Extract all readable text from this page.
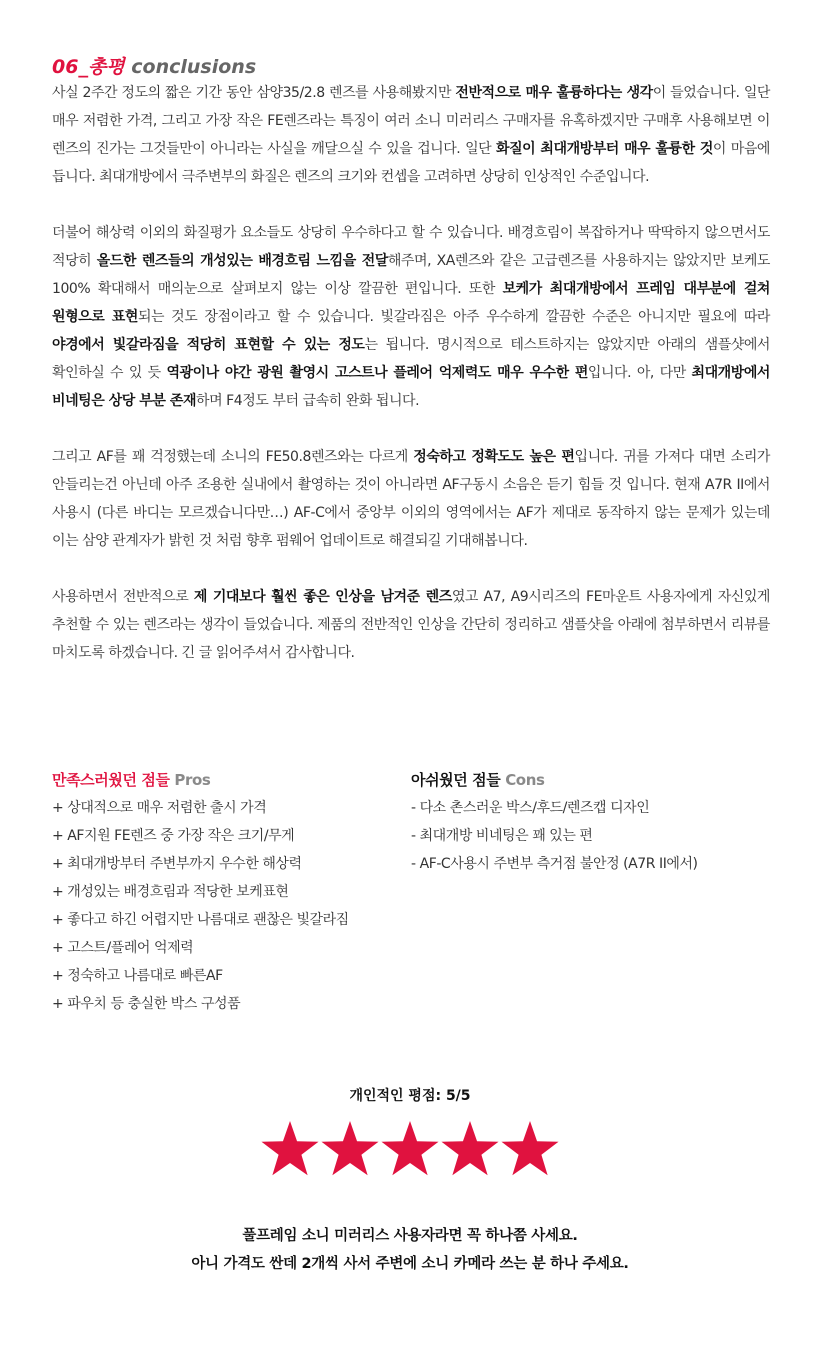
06_총평 conclusions

사실 2주간 정도의 짧은 기간 동안 삼양35/2.8 렌즈를 사용해봤지만 전반적으로 매우 훌륭하다는 생각이 들었습니다. 일단 매우 저렴한 가격, 그리고 가장 작은 FE렌즈라는 특징이 여러 소니 미러리스 구매자를 유혹하겠지만 구매후 사용해보면 이 렌즈의 진가는 그것들만이 아니라는 사실을 깨달으실 수 있을 겁니다. 일단 화질이 최대개방부터 매우 훌륭한 것이 마음에 듭니다. 최대개방에서 극주변부의 화질은 렌즈의 크기와 컨셉을 고려하면 상당히 인상적인 수준입니다.

더불어 해상력 이외의 화질평가 요소들도 상당히 우수하다고 할 수 있습니다. 배경흐림이 복잡하거나 딱딱하지 않으면서도 적당히 올드한 렌즈들의 개성있는 배경흐림 느낌을 전달해주며, XA렌즈와 같은 고급렌즈를 사용하지는 않았지만 보케도 100% 확대해서 매의눈으로 살펴보지 않는 이상 깔끔한 편입니다. 또한 보케가 최대개방에서 프레임 대부분에 걸쳐 원형으로 표현되는 것도 장점이라고 할 수 있습니다. 빛갈라짐은 아주 우수하게 깔끔한 수준은 아니지만 필요에 따라 야경에서 빛갈라짐을 적당히 표현할 수 있는 정도는 됩니다. 명시적으로 테스트하지는 않았지만 아래의 샘플샷에서 확인하실 수 있 듯 역광이나 야간 광원 촬영시 고스트나 플레어 억제력도 매우 우수한 편입니다. 아, 다만 최대개방에서 비네팅은 상당 부분 존재하며 F4정도 부터 급속히 완화 됩니다.

그리고 AF를 꽤 걱정했는데 소니의 FE50.8렌즈와는 다르게 정숙하고 정확도도 높은 편입니다. 귀를 가져다 대면 소리가 안들리는건 아닌데 아주 조용한 실내에서 촬영하는 것이 아니라면 AF구동시 소음은 듣기 힘들 것 입니다. 현재 A7R II에서 사용시 (다른 바디는 모르겠습니다만…) AF-C에서 중앙부 이외의 영역에서는 AF가 제대로 동작하지 않는 문제가 있는데 이는 삼양 관계자가 밝힌 것 처럼 향후 펌웨어 업데이트로 해결되길 기대해봅니다.

사용하면서 전반적으로 제 기대보다 훨씬 좋은 인상을 남겨준 렌즈였고 A7, A9시리즈의 FE마운트 사용자에게 자신있게 추천할 수 있는 렌즈라는 생각이 들었습니다. 제품의 전반적인 인상을 간단히 정리하고 샘플샷을 아래에 첨부하면서 리뷰를 마치도록 하겠습니다. 긴 글 읽어주셔서 감사합니다.

만족스러웠던 점들 Pros
+ 상대적으로 매우 저렴한 출시 가격
+ AF지원 FE렌즈 중 가장 작은 크기/무게
+ 최대개방부터 주변부까지 우수한 해상력
+ 개성있는 배경흐림과 적당한 보케표현
+ 좋다고 하긴 어렵지만 나름대로 괜찮은 빛갈라짐
+ 고스트/플레어 억제력
+ 정숙하고 나름대로 빠른AF
+ 파우치 등 충실한 박스 구성품
아쉬웠던 점들 Cons
- 다소 촌스러운 박스/후드/렌즈캡 디자인
- 최대개방 비네팅은 꽤 있는 편
- AF-C사용시 주변부 측거점 불안정 (A7R II에서)
개인적인 평점: 5/5

풀프레임 소니 미러리스 사용자라면 꼭 하나쯤 사세요.

아니 가격도 싼데 2개씩 사서 주변에 소니 카메라 쓰는 분 하나 주세요.
